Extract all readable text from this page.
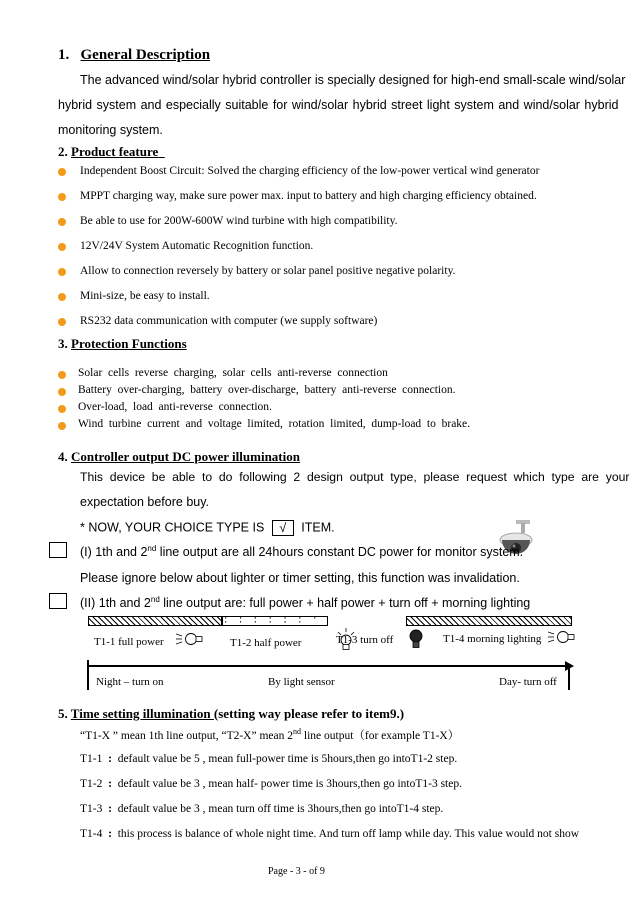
1. General Description
The advanced wind/solar hybrid controller is specially designed for high-end small-scale wind/solar
hybrid system and especially suitable for wind/solar hybrid street light system and wind/solar hybrid
monitoring system.
2. Product feature
Independent Boost Circuit: Solved the charging efficiency of the low-power vertical wind generator
MPPT charging way, make sure power max. input to battery and high charging efficiency obtained.
Be able to use for 200W-600W wind turbine with high compatibility.
12V/24V System Automatic Recognition function.
Allow to connection reversely by battery or solar panel positive negative polarity.
Mini-size, be easy to install.
RS232 data communication with computer (we supply software)
3. Protection Functions
Solar  cells  reverse  charging,  solar  cells  anti-reverse  connection
Battery  over-charging,  battery  over-discharge,  battery  anti-reverse  connection.
Over-load,  load  anti-reverse  connection.
Wind  turbine  current  and  voltage  limited,  rotation  limited,  dump-load  to  brake.
4. Controller output DC power illumination
This  device  be  able  to  do  following  2  design  output  type,  please  request  which  type  are  your
expectation before buy.
* NOW, YOUR CHOICE TYPE IS √ ITEM.
(I) 1th and 2nd line output are all 24hours constant DC power for monitor system.
Please ignore below about lighter or timer setting, this function was invalidation.
(II) 1th and 2nd line output are: full power + half power + turn off + morning lighting
· · · · · · · · · · · · ·
T1-1 full power	T1-2 half power	T1-3 turn off	T1-4 morning lighting
Night – turn on	By light sensor	Day- turn off
5. Time setting illumination (setting way please refer to item9.)
“T1-X ” mean 1th line output, “T2-X” mean 2nd line output（for example T1-X）
T1-1 : default value be 5 , mean full-power time is 5hours,then go intoT1-2 step.
T1-2 : default value be 3 , mean half- power time is 3hours,then go intoT1-3 step.
T1-3 : default value be 3 , mean turn off time is 3hours,then go intoT1-4 step.
T1-4 : this process is balance of whole night time. And turn off lamp while day. This value would not show
Page - 3 - of 9
